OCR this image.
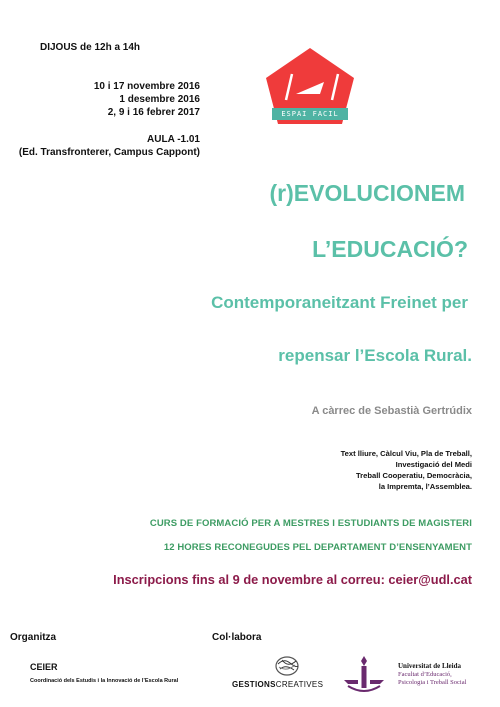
DIJOUS de 12h a 14h
10 i 17 novembre 2016
1 desembre 2016
2, 9 i 16 febrer 2017
AULA -1.01
(Ed. Transfronterer, Campus Cappont)
ESPAI FACIL
(r)EVOLUCIONEM
L’EDUCACIÓ?
Contemporaneitzant Freinet per
repensar l’Escola Rural.
A càrrec de Sebastià Gertrúdix
Text lliure, Càlcul Viu, Pla de Treball,
Investigació del Medi
Treball Cooperatiu, Democràcia,
la Impremta, l’Assemblea.
CURS DE FORMACIÓ PER A MESTRES I ESTUDIANTS DE MAGISTERI
12 HORES RECONEGUDES PEL DEPARTAMENT D’ENSENYAMENT
Inscripcions fins al 9 de novembre al correu: ceier@udl.cat
Organitza	Col·labora
CEIER
Coordinació dels Estudis i la Innovació de l’Escola Rural	GESTIONSCREATIVES
Universitat de Lleida
Facultat d’Educació,
Psicologia i Treball Social
